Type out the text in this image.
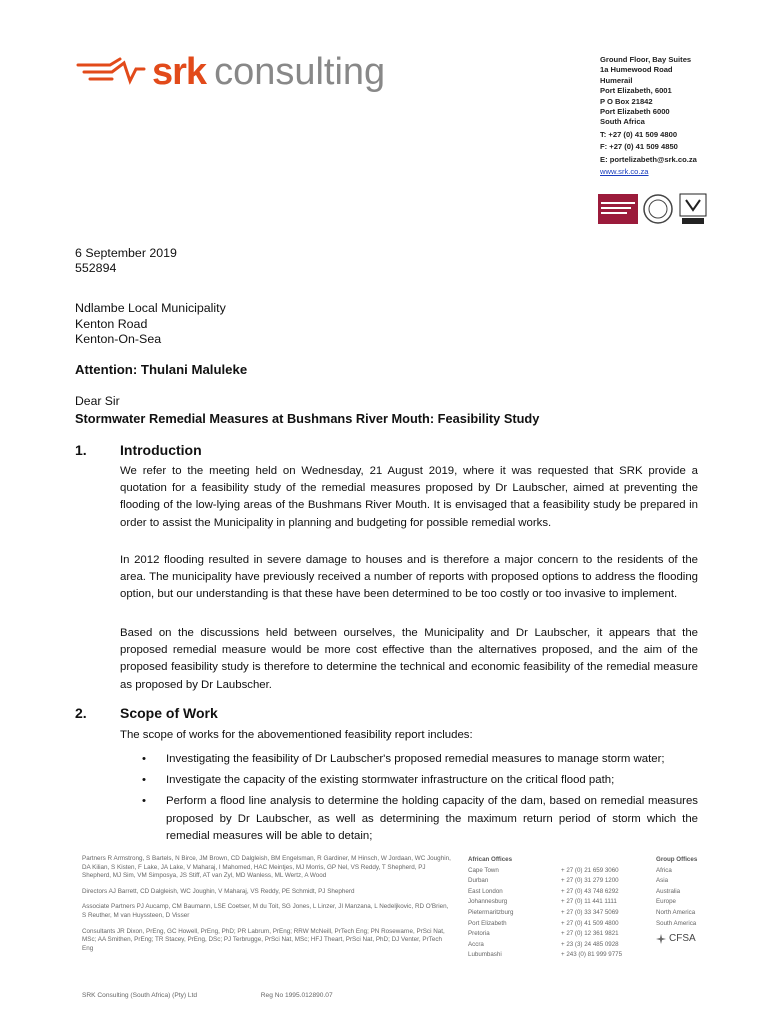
srk consulting	Ground Floor, Bay Suites
1a Humewood Road
Humerail
Port Elizabeth, 6001
P O Box 21842
Port Elizabeth 6000
South Africa
T: +27 (0) 41 509 4800
F: +27 (0) 41 509 4850
E: portelizabeth@srk.co.za
www.srk.co.za
6 September 2019
552894
Ndlambe Local Municipality
Kenton Road
Kenton-On-Sea
Attention: Thulani Maluleke
Dear Sir
Stormwater Remedial Measures at Bushmans River Mouth: Feasibility Study
1. Introduction
We refer to the meeting held on Wednesday, 21 August 2019, where it was requested that SRK provide a quotation for a feasibility study of the remedial measures proposed by Dr Laubscher, aimed at preventing the flooding of the low-lying areas of the Bushmans River Mouth. It is envisaged that a feasibility study be prepared in order to assist the Municipality in planning and budgeting for possible remedial works.
In 2012 flooding resulted in severe damage to houses and is therefore a major concern to the residents of the area. The municipality have previously received a number of reports with proposed options to address the flooding option, but our understanding is that these have been determined to be too costly or too invasive to implement.
Based on the discussions held between ourselves, the Municipality and Dr Laubscher, it appears that the proposed remedial measure would be more cost effective than the alternatives proposed, and the aim of the proposed feasibility study is therefore to determine the technical and economic feasibility of the remedial measure as proposed by Dr Laubscher.
2. Scope of Work
The scope of works for the abovementioned feasibility report includes:
• Investigating the feasibility of Dr Laubscher's proposed remedial measures to manage storm water;
• Investigate the capacity of the existing stormwater infrastructure on the critical flood path;
• Perform a flood line analysis to determine the holding capacity of the dam, based on remedial measures proposed by Dr Laubscher, as well as determining the maximum return period of storm which the remedial measures will be able to detain;

Partners R Armstrong, S Bartels, N Birce, JM Brown, CD Dalgleish, BM Engelsman, R Gardiner, M Hinsch, W Jordaan, WC Joughin, DA Kilian, S Kisten, F Lake, JA Lake, V Maharaj, I Mahomed, HAC Meintjes, MJ Morris, GP Nel, VS Reddy, T Shepherd, PJ Shepherd, MJ Sim, VM Simposya, JS Stiff, AT van Zyl, MD Wanless, ML Wertz, A Wood

Directors AJ Barrett, CD Dalgleish, WC Joughin, V Maharaj, VS Reddy, PE Schmidt, PJ Shepherd

Associate Partners PJ Aucamp, CM Baumann, LSE Coetser, M du Toit, SG Jones, L Linzer, JI Manzana, L Nedeljkovic, RD O'Brien, S Reuther, M van Huyssteen, D Visser

Consultants JR Dixon, PrEng, GC Howell, PrEng, PhD; PR Labrum, PrEng; RRW McNeill, PrTech Eng; PN Rosewarne, PrSci Nat, MSc; AA Smithen, PrEng; TR Stacey, PrEng, DSc; PJ Terbrugge, PrSci Nat, MSc; HFJ Theart, PrSci Nat, PhD; DJ Venter, PrTech Eng

African Offices
Cape Town
Durban
East London
Johannesburg
Pietermaritzburg
Port Elizabeth
Pretoria
Accra
Lubumbashi

+ 27 (0) 21 659 3060
+ 27 (0) 31 279 1200
+ 27 (0) 43 748 6292
+ 27 (0) 11 441 1111
+ 27 (0) 33 347 5069
+ 27 (0) 41 509 4800
+ 27 (0) 12 361 9821
+ 23 (3) 24 485 0928
+ 243 (0) 81 999 9775
Group Offices
Africa
Asia
Australia
Europe
North America
South America
CFSA
SRK Consulting (South Africa) (Pty) Ltd	Reg No 1995.012890.07
